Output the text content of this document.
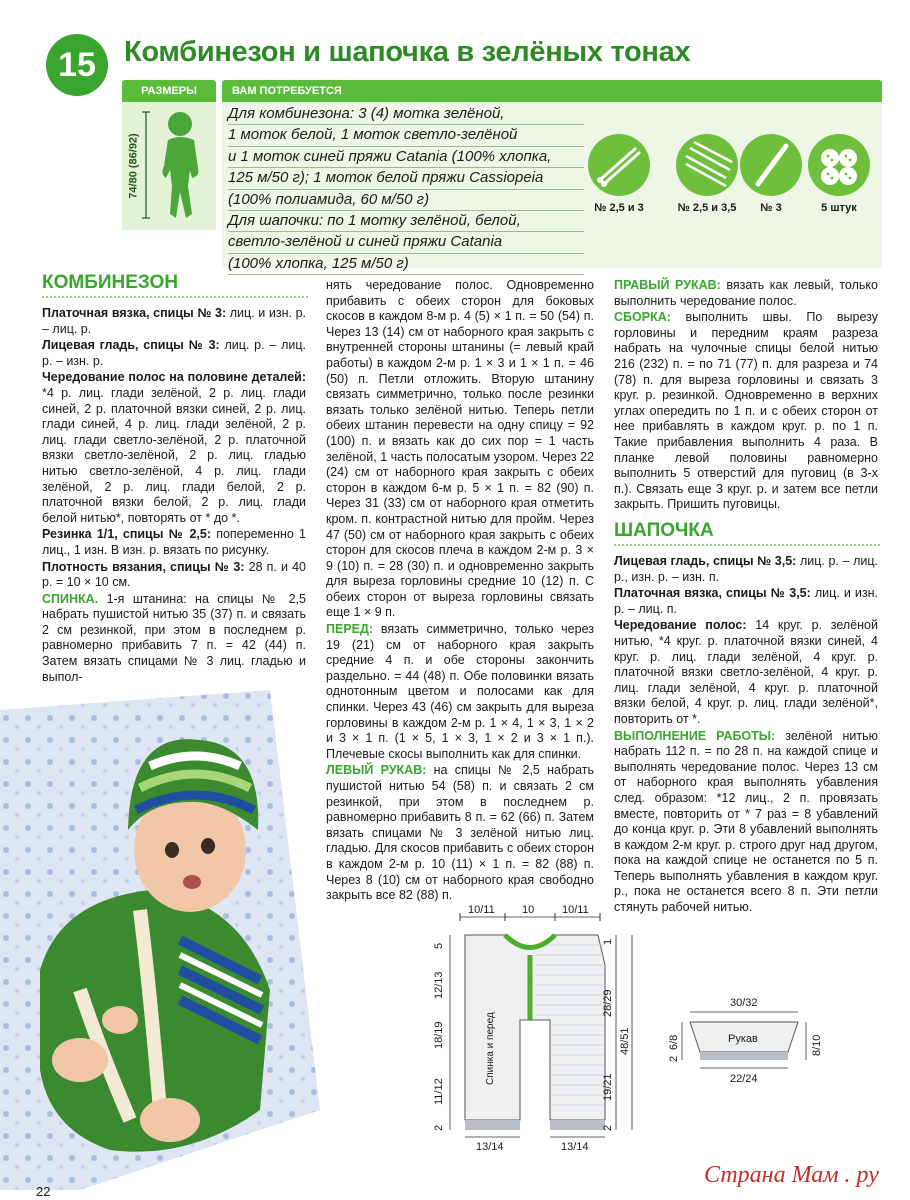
15 Комбинезон и шапочка в зелёных тонах
РАЗМЕРЫ
74/80 (86/92)
ВАМ ПОТРЕБУЕТСЯ
Для комбинезона: 3 (4) мотка зелёной,
1 моток белой, 1 моток светло-зелёной
и 1 моток синей пряжи Catania (100% хлопка,
125 м/50 г); 1 моток белой пряжи Cassiopeia
(100% полиамида, 60 м/50 г)
Для шапочки: по 1 мотку зелёной, белой,
светло-зелёной и синей пряжи Catania
(100% хлопка, 125 м/50 г)
№ 2,5 и 3	№ 2,5 и 3,5	№ 3	5 штук
КОМБИНЕЗОН

Платочная вязка, спицы № 3: лиц. и изн. р. – лиц. р.

Лицевая гладь, спицы № 3: лиц. р. – лиц. р. – изн. р.

Чередование полос на половине деталей: *4 р. лиц. глади зелёной, 2 р. лиц. глади синей, 2 р. платочной вязки синей, 2 р. лиц. глади синей, 4 р. лиц. глади зелёной, 2 р. лиц. глади светло-зелёной, 2 р. платочной вязки светло-зелёной, 2 р. лиц. гладью нитью светло-зелёной, 4 р. лиц. глади зелёной, 2 р. лиц. глади белой, 2 р. платочной вязки белой, 2 р. лиц. глади белой нитью*, повторять от * до *.

Резинка 1/1, спицы № 2,5: попеременно 1 лиц., 1 изн. В изн. р. вязать по рисунку.

Плотность вязания, спицы № 3: 28 п. и 40 р. = 10 × 10 см.

СПИНКА. 1-я штанина: на спицы № 2,5 набрать пушистой нитью 35 (37) п. и связать 2 см резинкой, при этом в последнем р. равномерно прибавить 7 п. = 42 (44) п. Затем вязать спицами № 3 лиц. гладью и выпол-

нять чередование полос. Одновременно прибавить с обеих сторон для боковых скосов в каждом 8-м р. 4 (5) × 1 п. = 50 (54) п. Через 13 (14) см от наборного края закрыть с внутренней стороны штанины (= левый край работы) в каждом 2-м р. 1 × 3 и 1 × 1 п. = 46 (50) п. Петли отложить. Вторую штанину связать симметрично, только после резинки вязать только зелёной нитью. Теперь петли обеих штанин перевести на одну спицу = 92 (100) п. и вязать как до сих пор = 1 часть зелёной, 1 часть полосатым узором. Через 22 (24) см от наборного края закрыть с обеих сторон в каждом 6-м р. 5 × 1 п. = 82 (90) п. Через 31 (33) см от наборного края отметить кром. п. контрастной нитью для пройм. Через 47 (50) см от наборного края закрыть с обеих сторон для скосов плеча в каждом 2-м р. 3 × 9 (10) п. = 28 (30) п. и одновременно закрыть для выреза горловины средние 10 (12) п. С обеих сторон от выреза горловины связать еще 1 × 9 п.

ПЕРЕД: вязать симметрично, только через 19 (21) см от наборного края закрыть средние 4 п. и обе стороны закончить раздельно. = 44 (48) п. Обе половинки вязать однотонным цветом и полосами как для спинки. Через 43 (46) см закрыть для выреза горловины в каждом 2-м р. 1 × 4, 1 × 3, 1 × 2 и 3 × 1 п. (1 × 5, 1 × 3, 1 × 2 и 3 × 1 п.). Плечевые скосы выполнить как для спинки.

ЛЕВЫЙ РУКАВ: на спицы № 2,5 набрать пушистой нитью 54 (58) п. и связать 2 см резинкой, при этом в последнем р. равномерно прибавить 8 п. = 62 (66) п. Затем вязать спицами № 3 зелёной нитью лиц. гладью. Для скосов прибавить с обеих сторон в каждом 2-м р. 10 (11) × 1 п. = 82 (88) п. Через 8 (10) см от наборного края свободно закрыть все 82 (88) п.

ПРАВЫЙ РУКАВ: вязать как левый, только выполнить чередование полос.

СБОРКА: выполнить швы. По вырезу горловины и передним краям разреза набрать на чулочные спицы белой нитью 216 (232) п. = по 71 (77) п. для разреза и 74 (78) п. для выреза горловины и связать 3 круг. р. резинкой. Одновременно в верхних углах опередить по 1 п. и с обеих сторон от нее прибавлять в каждом круг. р. по 1 п. Такие прибавления выполнить 4 раза. В планке левой половины равномерно выполнить 5 отверстий для пуговиц (в 3-х п.). Связать еще 3 круг. р. и затем все петли закрыть. Пришить пуговицы.

ШАПОЧКА

Лицевая гладь, спицы № 3,5: лиц. р. – лиц. р., изн. р. – изн. п.

Платочная вязка, спицы № 3,5: лиц. и изн. р. – лиц. п.

Чередование полос: 14 круг. р. зелёной нитью, *4 круг. р. платочной вязки синей, 4 круг. р. лиц. глади зелёной, 4 круг. р. платочной вязки светло-зелёной, 4 круг. р. лиц. глади зелёной, 4 круг. р. платочной вязки белой, 4 круг. р. лиц. глади зелёной*, повторить от *.

ВЫПОЛНЕНИЕ РАБОТЫ: зелёной нитью набрать 112 п. = по 28 п. на каждой спице и выполнять чередование полос. Через 13 см от наборного края выполнять убавления след. образом: *12 лиц., 2 п. провязать вместе, повторить от * 7 раз = 8 убавлений до конца круг. р. Эти 8 убавлений выполнять в каждом 2-м круг. р. строго друг над другом, пока на каждой спице не останется по 5 п. Теперь выполнять убавления в каждом круг. р., пока не останется всего 8 п. Эти петли стянуть рабочей нитью.

10/11 10	10/11
Спинка и перед
5
12/13
18/19
11/12
2
1
28/29
19/21
2
48/51
13/14	13/14
30/32
Рукав
2
6/8	8/10
22/24
22
Страна Мам . ру
